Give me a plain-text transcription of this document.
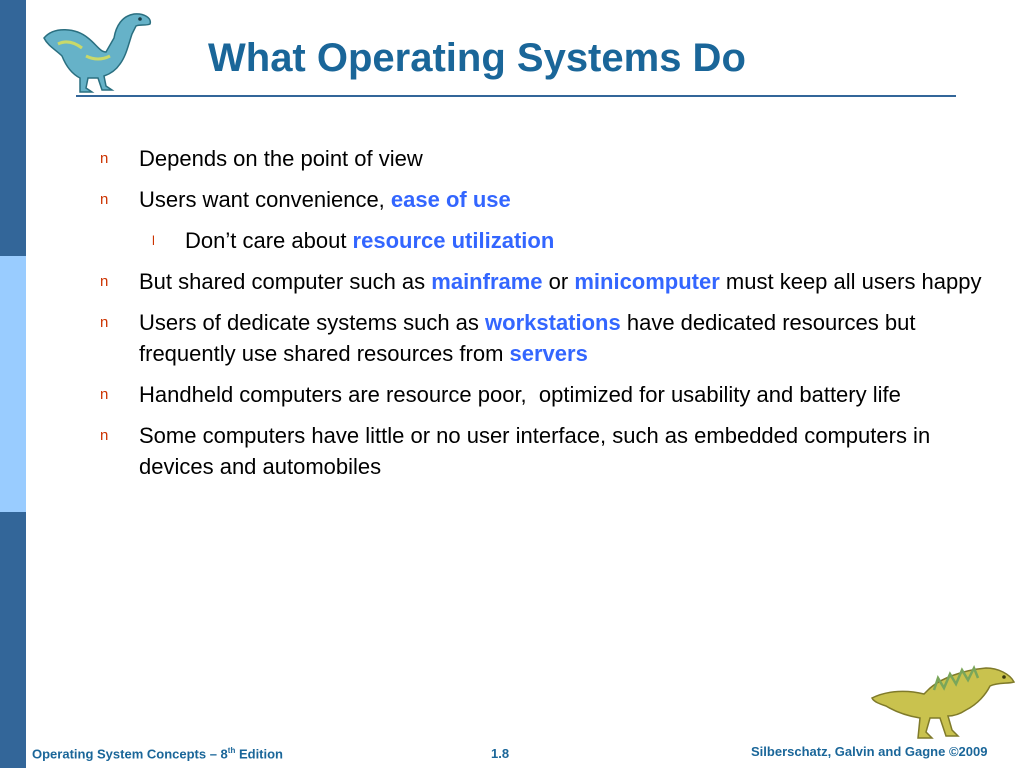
What Operating Systems Do
n Depends on the point of view
n Users want convenience, ease of use
l Don’t care about resource utilization
n But shared computer such as mainframe or minicomputer must keep all users happy
n Users of dedicate systems such as workstations have dedicated resources but frequently use shared resources from servers
n Handheld computers are resource poor,  optimized for usability and battery life
n Some computers have little or no user interface, such as embedded computers in devices and automobiles
Operating System Concepts – 8th Edition	1.8	Silberschatz, Galvin and Gagne ©2009
